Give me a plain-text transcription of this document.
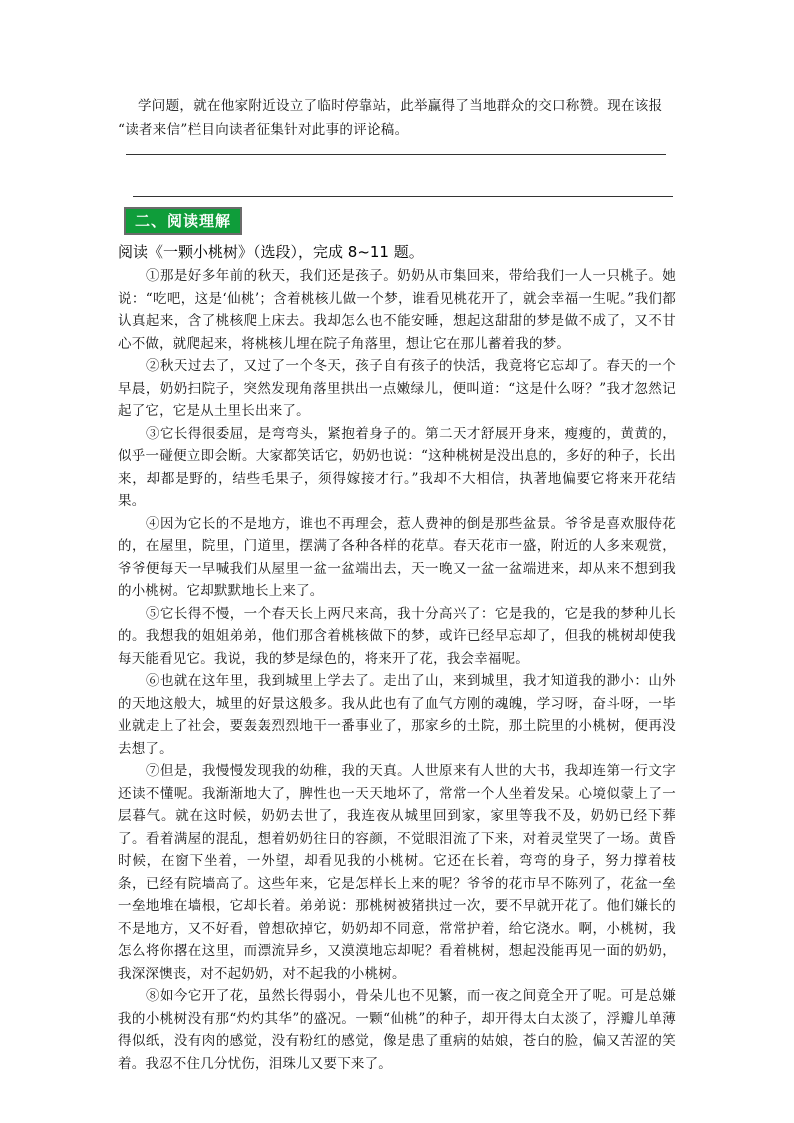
学问题，就在他家附近设立了临时停靠站，此举赢得了当地群众的交口称赞。现在该报

“读者来信”栏目向读者征集针对此事的评论稿。

二、阅读理解
阅读《一颗小桃树》（选段），完成 8~11 题。

①那是好多年前的秋天，我们还是孩子。奶奶从市集回来，带给我们一人一只桃子。她说：“吃吧，这是‘仙桃’；含着桃核儿做一个梦，谁看见桃花开了，就会幸福一生呢。”我们都认真起来，含了桃核爬上床去。我却怎么也不能安睡，想起这甜甜的梦是做不成了，又不甘心不做，就爬起来，将桃核儿埋在院子角落里，想让它在那儿蓄着我的梦。

②秋天过去了，又过了一个冬天，孩子自有孩子的快活，我竟将它忘却了。春天的一个早晨，奶奶扫院子，突然发现角落里拱出一点嫩绿儿，便叫道：“这是什么呀？”我才忽然记起了它，它是从土里长出来了。

③它长得很委屈，是弯弯头，紧抱着身子的。第二天才舒展开身来，瘦瘦的，黄黄的，似乎一碰便立即会断。大家都笑话它，奶奶也说：“这种桃树是没出息的，多好的种子，长出来，却都是野的，结些毛果子，须得嫁接才行。”我却不大相信，执著地偏要它将来开花结果。

④因为它长的不是地方，谁也不再理会，惹人费神的倒是那些盆景。爷爷是喜欢服侍花的，在屋里，院里，门道里，摆满了各种各样的花草。春天花市一盛，附近的人多来观赏，爷爷便每天一早喊我们从屋里一盆一盆端出去，天一晚又一盆一盆端进来，却从来不想到我的小桃树。它却默默地长上来了。

⑤它长得不慢，一个春天长上两尺来高，我十分高兴了：它是我的，它是我的梦种儿长的。我想我的姐姐弟弟，他们那含着桃核做下的梦，或许已经早忘却了，但我的桃树却使我每天能看见它。我说，我的梦是绿色的，将来开了花，我会幸福呢。

⑥也就在这年里，我到城里上学去了。走出了山，来到城里，我才知道我的渺小：山外的天地这般大，城里的好景这般多。我从此也有了血气方刚的魂魄，学习呀，奋斗呀，一毕业就走上了社会，要轰轰烈烈地干一番事业了，那家乡的土院，那土院里的小桃树，便再没去想了。

⑦但是，我慢慢发现我的幼稚，我的天真。人世原来有人世的大书，我却连第一行文字还读不懂呢。我渐渐地大了，脾性也一天天地坏了，常常一个人坐着发呆。心境似蒙上了一层暮气。就在这时候，奶奶去世了，我连夜从城里回到家，家里等我不及，奶奶已经下葬了。看着满屋的混乱，想着奶奶往日的容颜，不觉眼泪流了下来，对着灵堂哭了一场。黄昏时候，在窗下坐着，一外望，却看见我的小桃树。它还在长着，弯弯的身子，努力撑着枝条，已经有院墙高了。这些年来，它是怎样长上来的呢？爷爷的花市早不陈列了，花盆一垒一垒地堆在墙根，它却长着。弟弟说：那桃树被猪拱过一次，要不早就开花了。他们嫌长的不是地方，又不好看，曾想砍掉它，奶奶却不同意，常常护着，给它浇水。啊，小桃树，我怎么将你撂在这里，而漂流异乡，又漠漠地忘却呢？看着桃树，想起没能再见一面的奶奶，我深深懊丧，对不起奶奶，对不起我的小桃树。

⑧如今它开了花，虽然长得弱小，骨朵儿也不见繁，而一夜之间竟全开了呢。可是总嫌我的小桃树没有那“灼灼其华”的盛况。一颗“仙桃”的种子，却开得太白太淡了，浮瓣儿单薄得似纸，没有肉的感觉，没有粉红的感觉，像是患了重病的姑娘，苍白的脸，偏又苦涩的笑着。我忍不住几分忧伤，泪珠儿又要下来了。
